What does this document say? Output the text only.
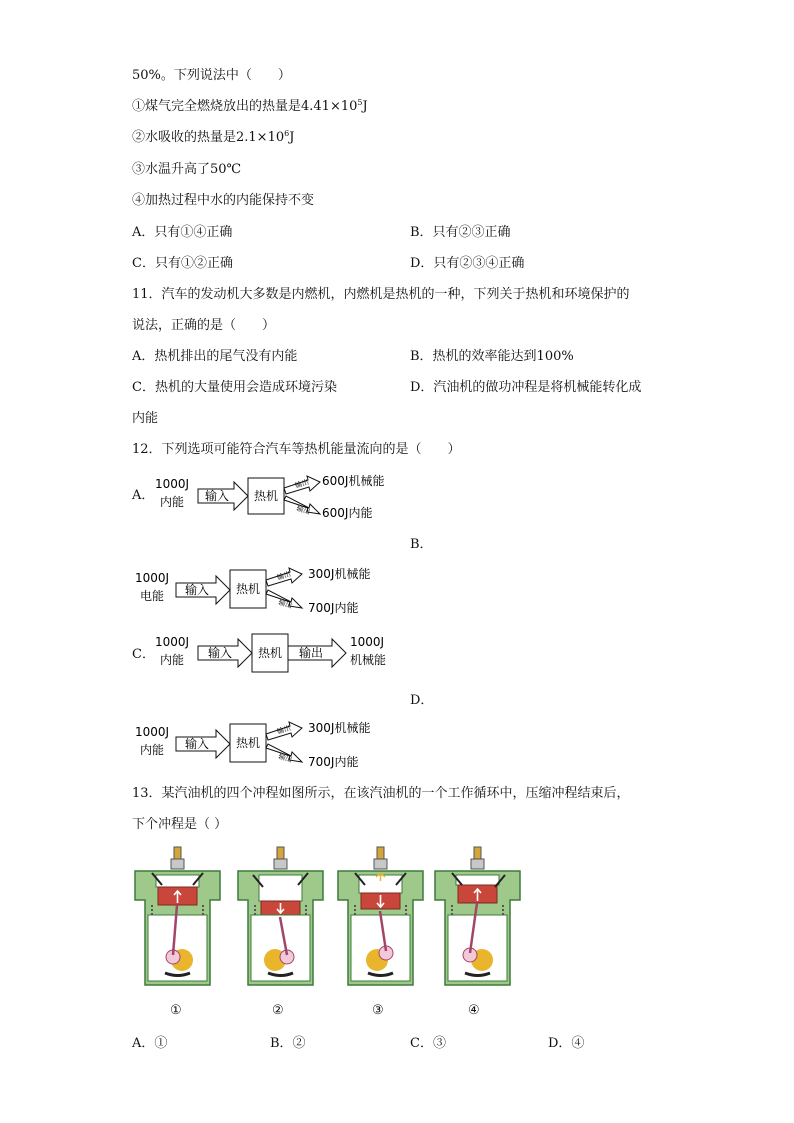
50%。下列说法中（　　）
①煤气完全燃烧放出的热量是$4.41\times 10^5J$
②水吸收的热量是$2.1\times 10^6J$
③水温升高了50℃
④加热过程中水的内能保持不变
A．只有①④正确	B．只有②③正确
C．只有①②正确	D．只有②③④正确
11．汽车的发动机大多数是内燃机，内燃机是热机的一种，下列关于热机和环境保护的
说法，正确的是（　　）
A．热机排出的尾气没有内能	B．热机的效率能达到100%
C．热机的大量使用会造成环境污染	D．汽油机的做功冲程是将机械能转化成
内能
12．下列选项可能符合汽车等热机能量流向的是（　　）
A．
1000J
内能 输入 热机
输出
输出
600J机械能
600J内能
B．
1000J
电能 输入 热机
输出
输出
300J机械能
700J内能
C．
1000J
内能 输入 热机 输出
1000J
机械能
D．
1000J
内能 输入 热机
输出
输出
300J机械能
700J内能
13．某汽油机的四个冲程如图所示，在该汽油机的一个工作循环中，压缩冲程结束后，
下个冲程是（ ）
①	②	③	④
A．①	B．②	C．③	D．④
